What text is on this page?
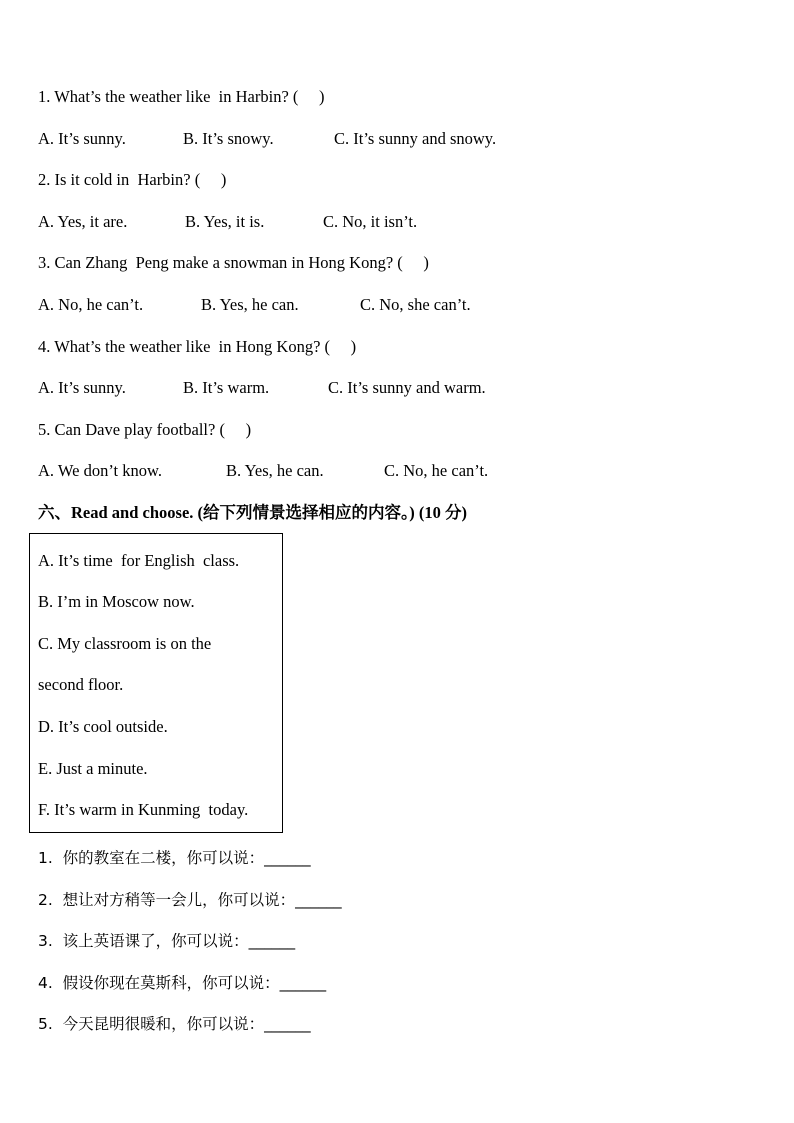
1. What’s the weather like  in Harbin? (     )
A. It’s sunny.	B. It’s snowy.	C. It’s sunny and snowy.
2. Is it cold in  Harbin? (     )
A. Yes, it are.	B. Yes, it is.	C. No, it isn’t.
3. Can Zhang  Peng make a snowman in Hong Kong? (     )
A. No, he can’t.	B. Yes, he can.	C. No, she can’t.
4. What’s the weather like  in Hong Kong? (     )
A. It’s sunny.	B. It’s warm.	C. It’s sunny and warm.
5. Can Dave play football? (     )
A. We don’t know.	B. Yes, he can.	C. No, he can’t.
六、Read and choose. (给下列情景选择相应的内容。) (10 分)
A. It’s time  for English  class.
B. I’m in Moscow now.
C. My classroom is on the
second floor.
D. It’s cool outside.
E. Just a minute.
F. It’s warm in Kunming  today.
1.  你的教室在二楼，你可以说：______
2.  想让对方稍等一会儿，你可以说：______
3.  该上英语课了，你可以说：______
4.  假设你现在莫斯科，你可以说：______
5.  今天昆明很暖和，你可以说：______
